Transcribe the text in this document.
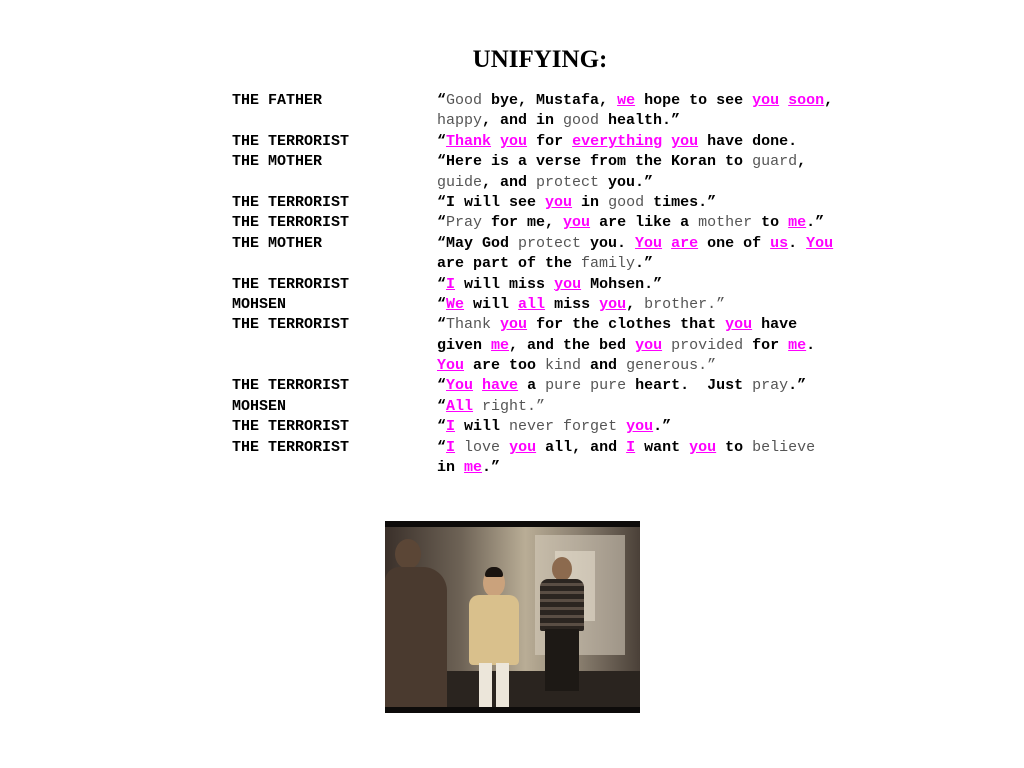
UNIFYING:
THE FATHER	“Good bye, Mustafa, we hope to see you soon,
happy, and in good health.”
THE TERRORIST	“Thank you for everything you have done.
THE MOTHER	“Here is a verse from the Koran to guard,
guide, and protect you.”
THE TERRORIST	“I will see you in good times.”
THE TERRORIST	“Pray for me, you are like a mother to me.”
THE MOTHER	“May God protect you. You are one of us. You
are part of the family.”
THE TERRORIST	“I will miss you Mohsen.”
MOHSEN	“We will all miss you, brother.”
THE TERRORIST	“Thank you for the clothes that you have
given me, and the bed you provided for me.
You are too kind and generous.”
THE TERRORIST	“You have a pure pure heart.  Just pray.”
MOHSEN	“All right.”
THE TERRORIST	“I will never forget you.”
THE TERRORIST	“I love you all, and I want you to believe
in me.”
